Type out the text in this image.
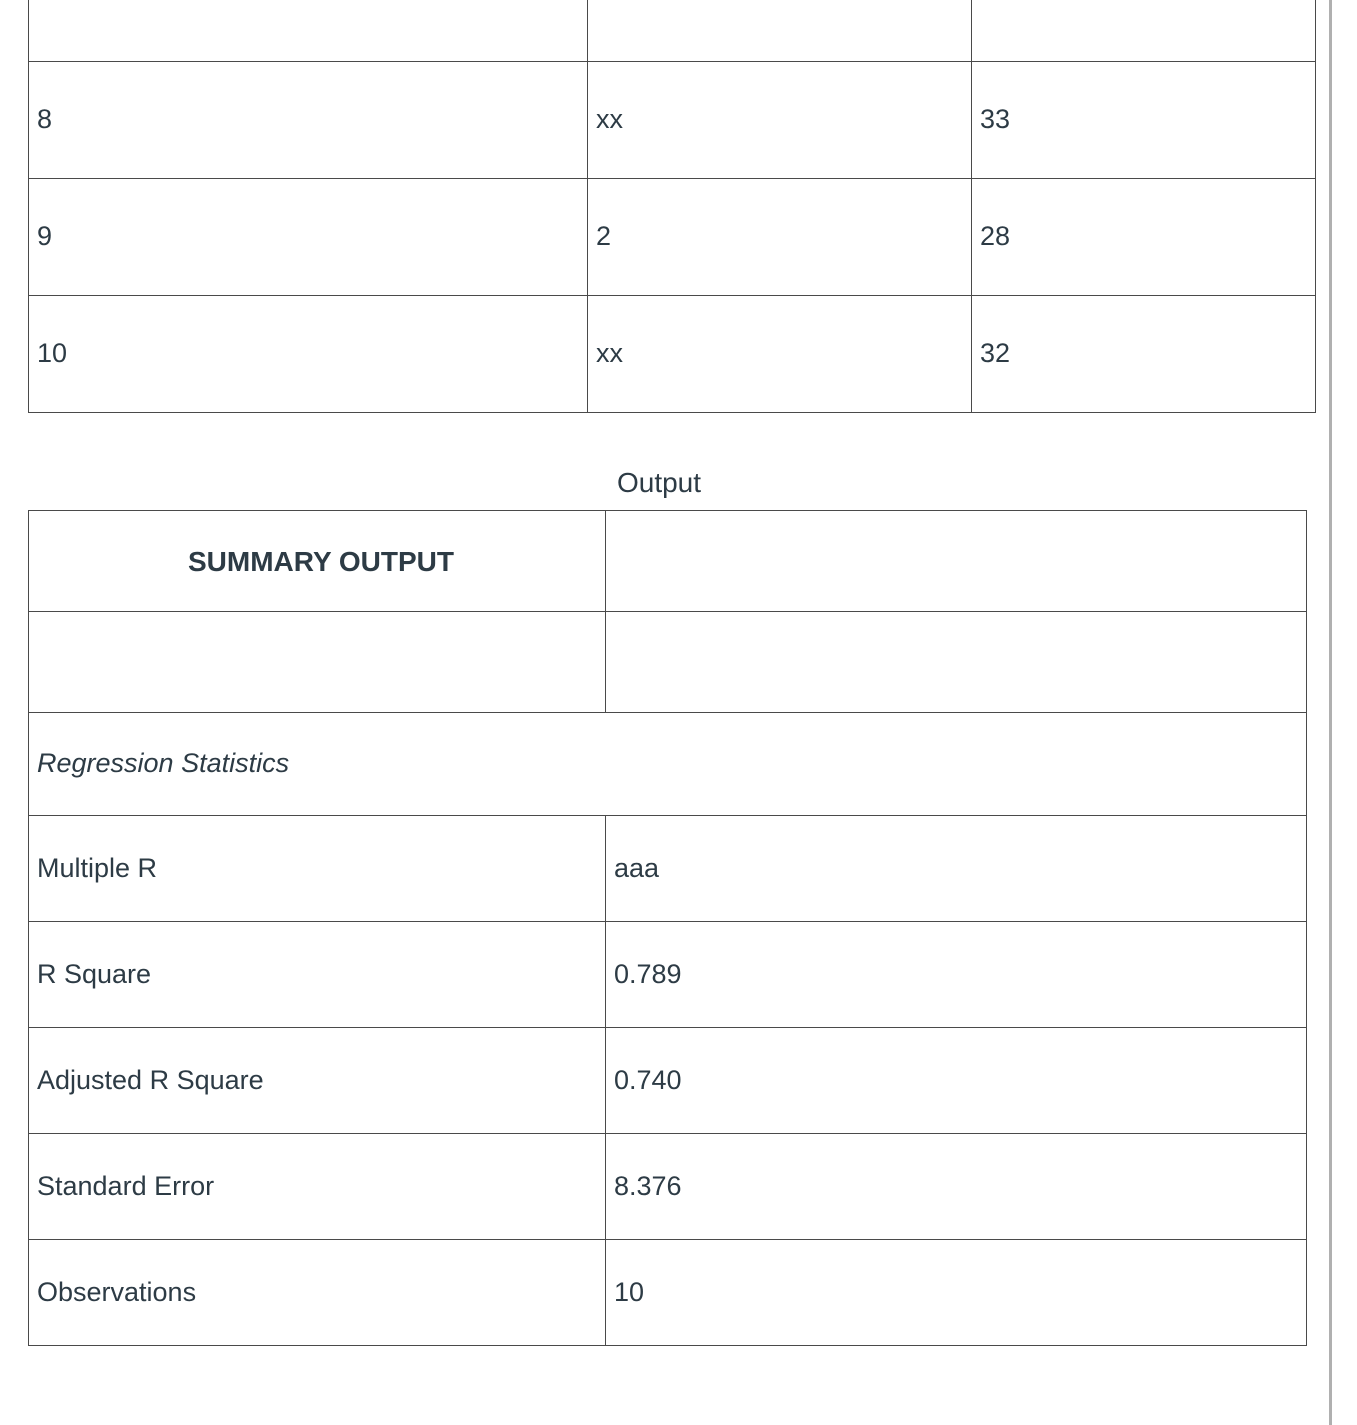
8	xx	33
9	2	28
10	xx	32
Output
SUMMARY OUTPUT	

Regression Statistics	
Multiple R	aaa
R Square	0.789
Adjusted R Square	0.740
Standard Error	8.376
Observations	10
